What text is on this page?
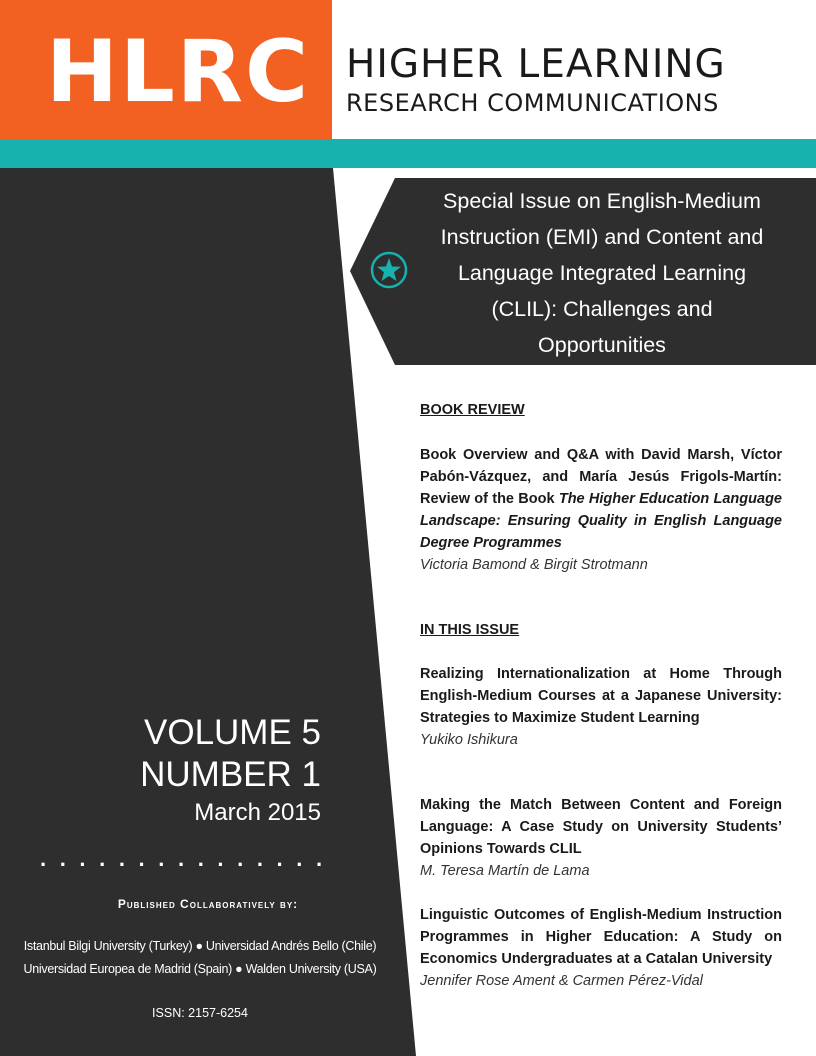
HLRC HIGHER LEARNING
RESEARCH COMMUNICATIONS
Special Issue on English-Medium
Instruction (EMI) and Content and
Language Integrated Learning
(CLIL): Challenges and
Opportunities
BOOK REVIEW
Book Overview and Q&A with David Marsh, Víctor Pabón-Vázquez, and María Jesús Frigols-Martín: Review of the Book The Higher Education Language Landscape: Ensuring Quality in English Language Degree Programmes
Victoria Bamond & Birgit Strotmann
IN THIS ISSUE
Realizing Internationalization at Home Through English-Medium Courses at a Japanese University: Strategies to Maximize Student Learning
Yukiko Ishikura
Making the Match Between Content and Foreign Language: A Case Study on University Students’ Opinions Towards CLIL
M. Teresa Martín de Lama
Linguistic Outcomes of English-Medium Instruction Programmes in Higher Education: A Study on Economics Undergraduates at a Catalan University
Jennifer Rose Ament & Carmen Pérez-Vidal
VOLUME 5
NUMBER 1
March 2015
...............
Published Collaboratively by:
Istanbul Bilgi University (Turkey) ● Universidad Andrés Bello (Chile)
Universidad Europea de Madrid (Spain) ● Walden University (USA)
ISSN: 2157-6254
